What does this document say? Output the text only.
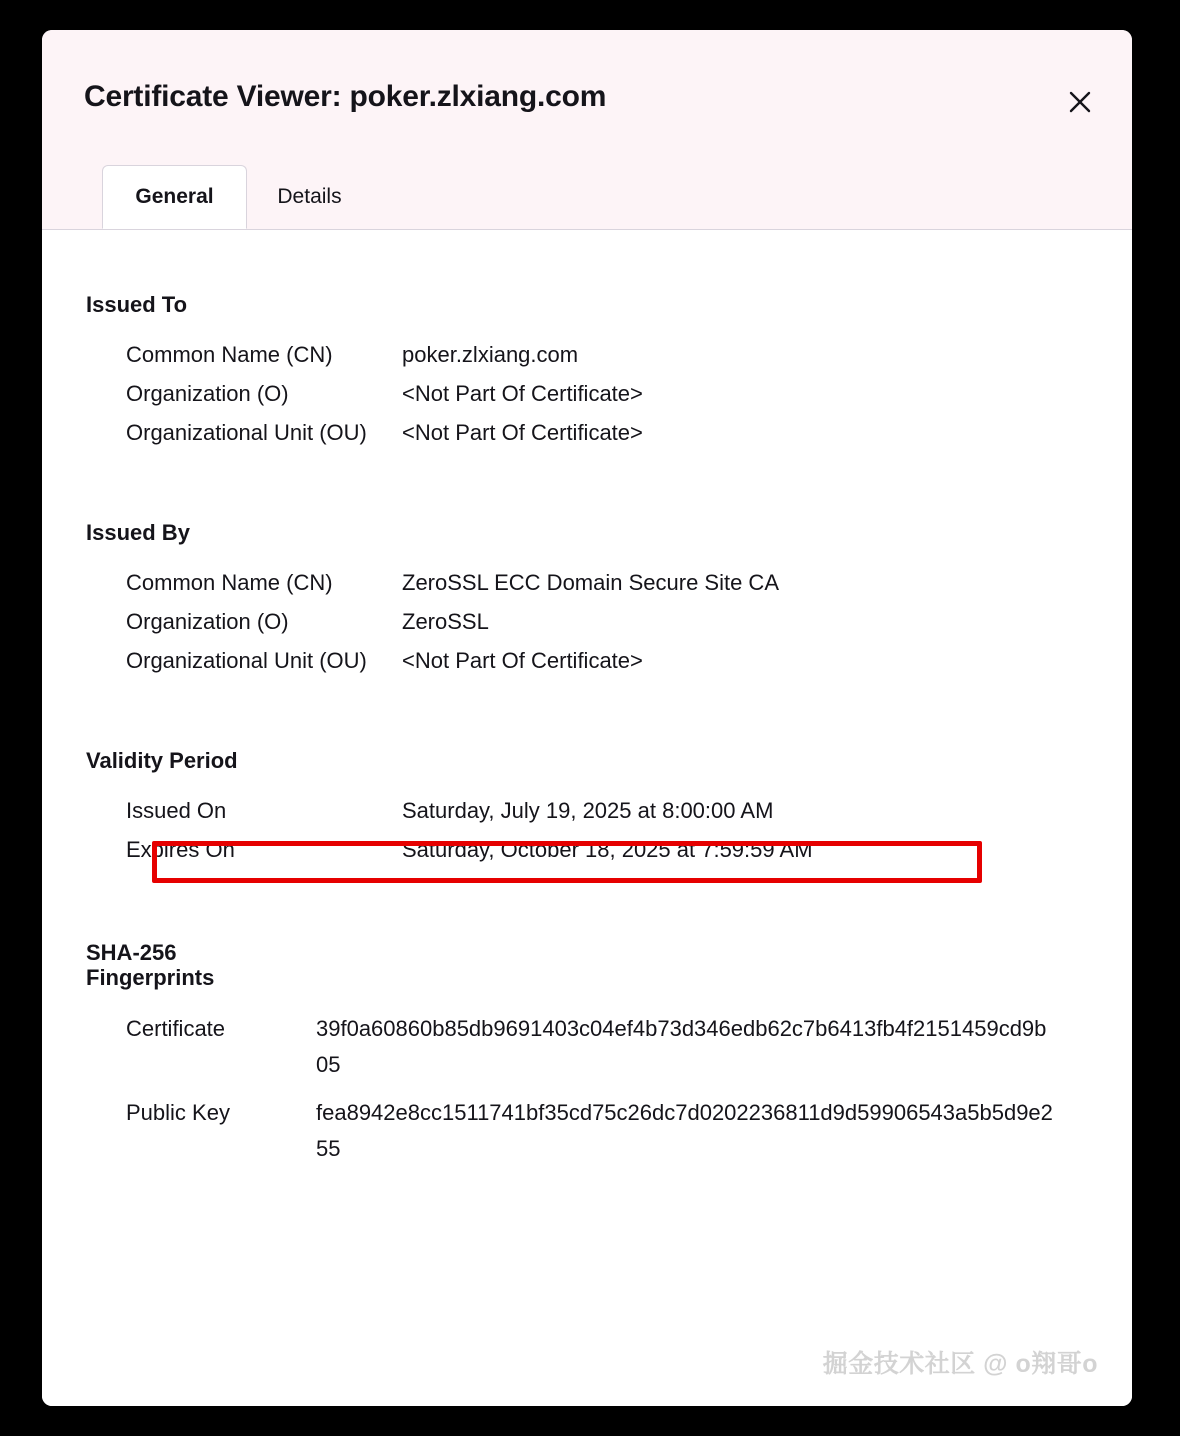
Certificate Viewer: poker.zlxiang.com
General	Details
Issued To
Common Name (CN)	poker.zlxiang.com
Organization (O)	<Not Part Of Certificate>
Organizational Unit (OU)	<Not Part Of Certificate>
Issued By
Common Name (CN)	ZeroSSL ECC Domain Secure Site CA
Organization (O)	ZeroSSL
Organizational Unit (OU)	<Not Part Of Certificate>
Validity Period
Issued On	Saturday, July 19, 2025 at 8:00:00 AM
Expires On	Saturday, October 18, 2025 at 7:59:59 AM
SHA-256
Fingerprints
Certificate	39f0a60860b85db9691403c04ef4b73d346edb62c7b6413fb4f2151459cd9b05
Public Key	fea8942e8cc1511741bf35cd75c26dc7d0202236811d9d59906543a5b5d9e255
掘金技术社区 @ o翔哥o
